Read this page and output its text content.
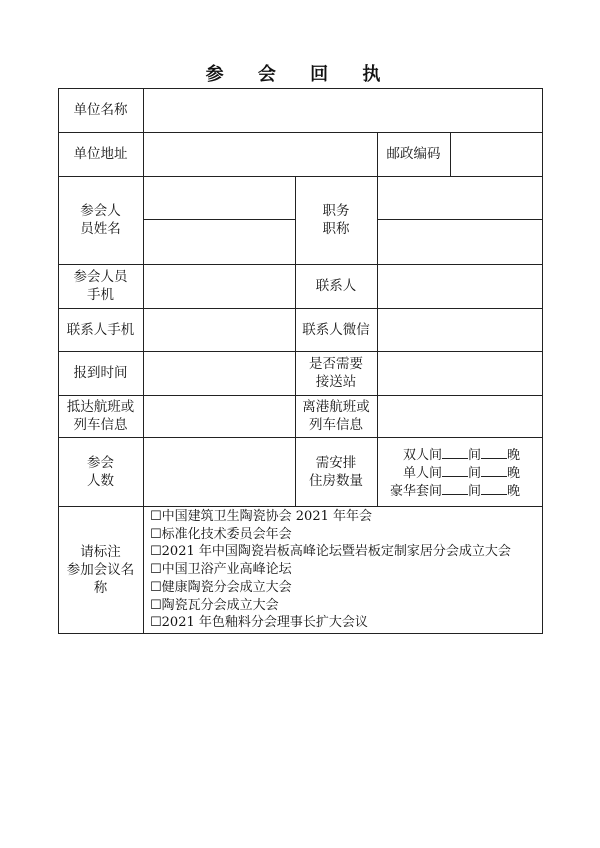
参 会 回 执
单位名称
单位地址	邮政编码
参会人
员姓名
职务
职称
参会人员
手机
联系人
联系人手机	联系人微信
报到时间
是否需要
接送站
抵达航班或
列车信息
离港航班或
列车信息
参会
人数
需安排
住房数量
双人间 间 晚
单人间 间 晚
豪华套间 间 晚
请标注
参加会议名
称
☐中国建筑卫生陶瓷协会 2021 年年会
☐标准化技术委员会年会
☐2021 年中国陶瓷岩板高峰论坛暨岩板定制家居分会成立大会
☐中国卫浴产业高峰论坛
☐健康陶瓷分会成立大会
☐陶瓷瓦分会成立大会
☐2021 年色釉料分会理事长扩大会议
